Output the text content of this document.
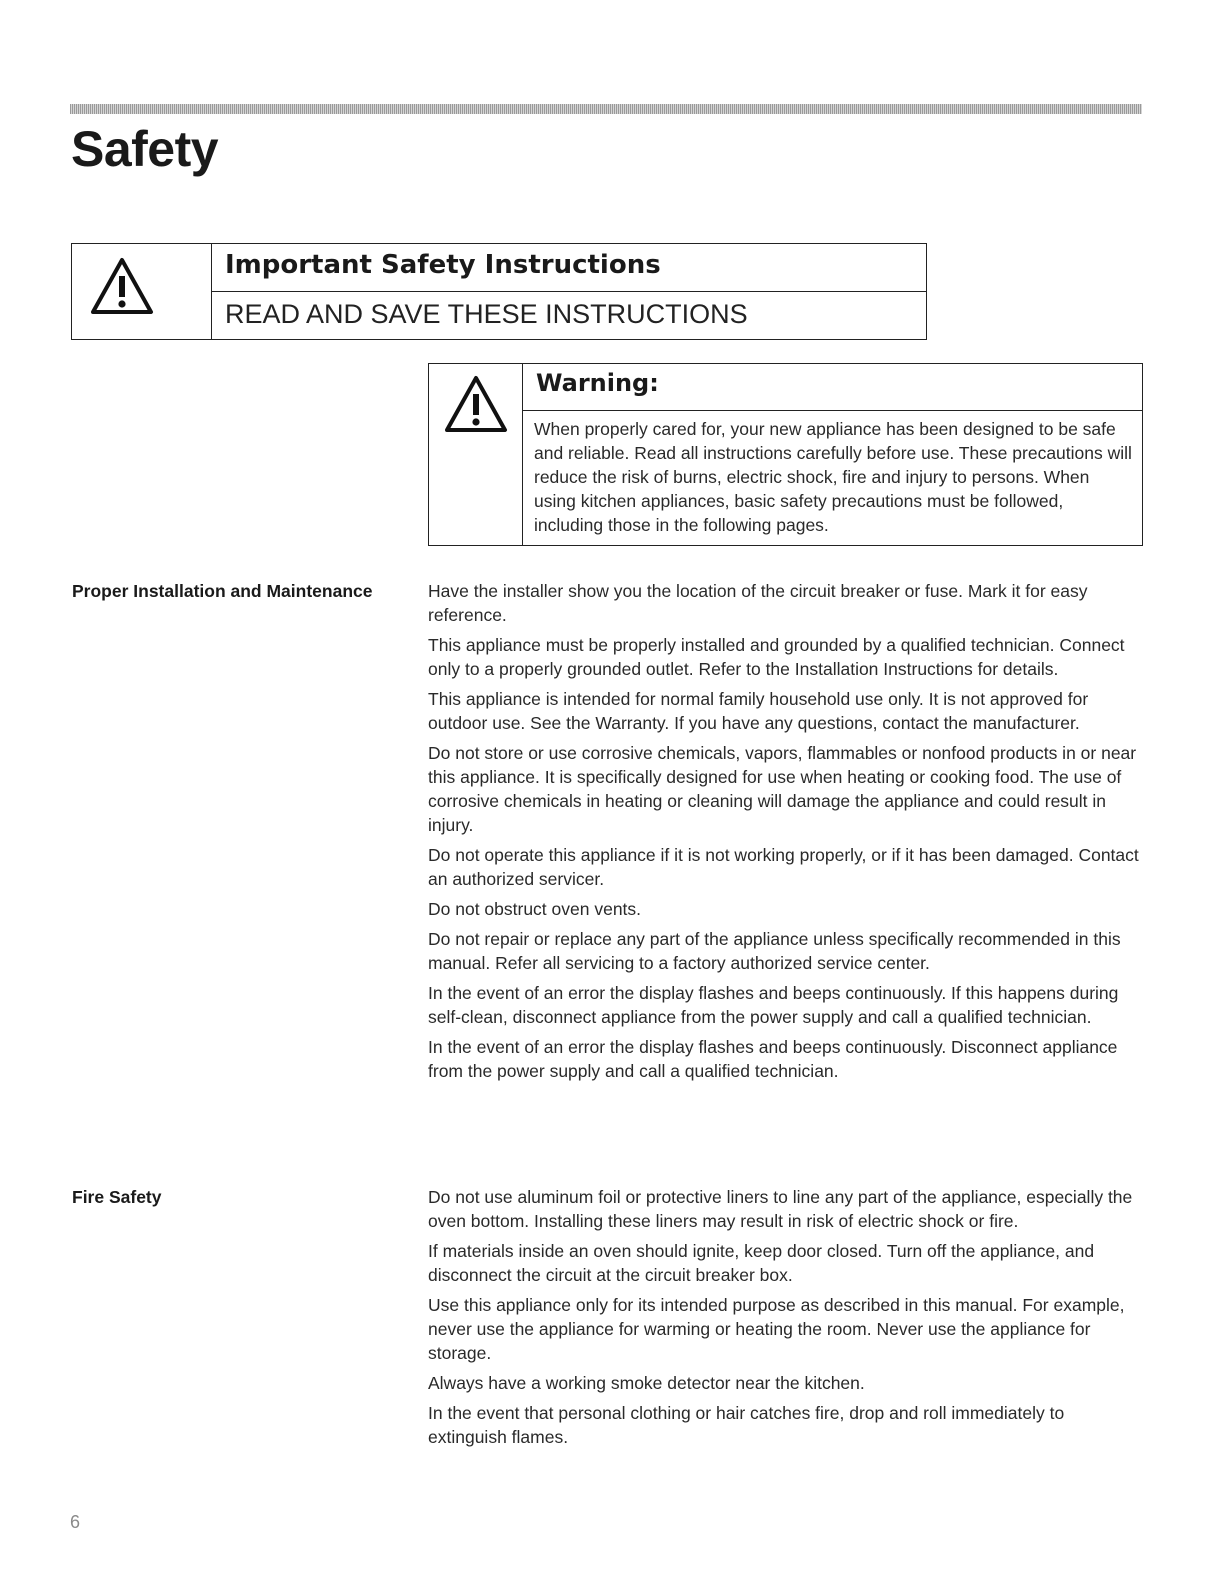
Safety
Important Safety Instructions
READ AND SAVE THESE INSTRUCTIONS
Warning:
When properly cared for, your new appliance has been designed to be safe and reliable. Read all instructions carefully before use. These precautions will reduce the risk of burns, electric shock, fire and injury to persons. When using kitchen appliances, basic safety precautions must be followed, including those in the following pages.
Proper Installation and Maintenance	Have the installer show you the location of the circuit breaker or fuse. Mark it for easy reference.

This appliance must be properly installed and grounded by a qualified technician. Connect only to a properly grounded outlet. Refer to the Installation Instructions for details.

This appliance is intended for normal family household use only. It is not approved for outdoor use. See the Warranty. If you have any questions, contact the manufacturer.

Do not store or use corrosive chemicals, vapors, flammables or nonfood products in or near this appliance. It is specifically designed for use when heating or cooking food. The use of corrosive chemicals in heating or cleaning will damage the appliance and could result in injury.

Do not operate this appliance if it is not working properly, or if it has been damaged. Contact an authorized servicer.

Do not obstruct oven vents.

Do not repair or replace any part of the appliance unless specifically recommended in this manual. Refer all servicing to a factory authorized service center.

In the event of an error the display flashes and beeps continuously. If this happens during self-clean, disconnect appliance from the power supply and call a qualified technician.

In the event of an error the display flashes and beeps continuously. Disconnect appliance from the power supply and call a qualified technician.

Fire Safety	Do not use aluminum foil or protective liners to line any part of the appliance, especially the oven bottom. Installing these liners may result in risk of electric shock or fire.

If materials inside an oven should ignite, keep door closed. Turn off the appliance, and disconnect the circuit at the circuit breaker box.

Use this appliance only for its intended purpose as described in this manual. For example, never use the appliance for warming or heating the room. Never use the appliance for storage.

Always have a working smoke detector near the kitchen.

In the event that personal clothing or hair catches fire, drop and roll immediately to extinguish flames.

6
